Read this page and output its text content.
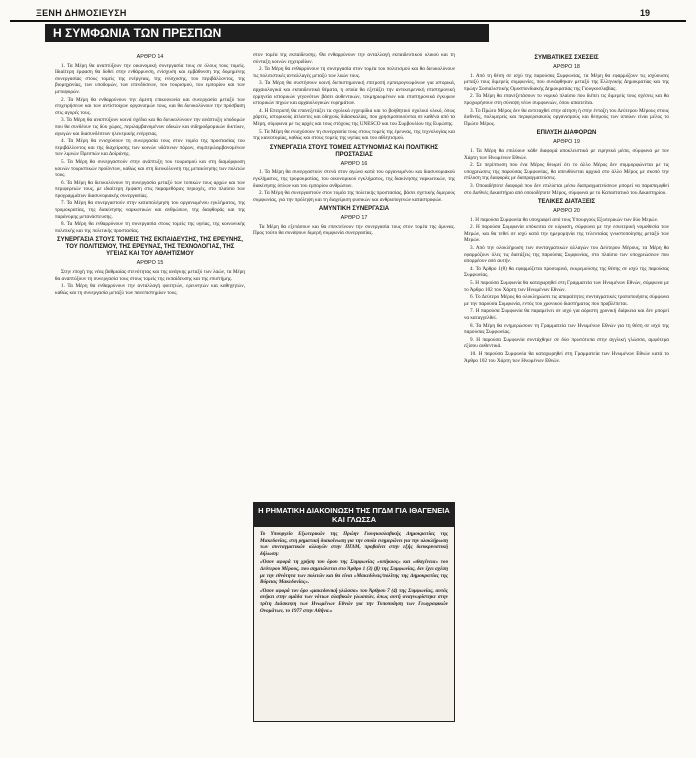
ΞΕΝΗ ΔΗΜΟΣΙΕΥΣΗ	19
Η ΣΥΜΦΩΝΙΑ ΤΩΝ ΠΡΕΣΠΩΝ
ΑΡΘΡΟ 14

1. Τα Μέρη θα αναπτύξουν την οικονομική συνεργασία τους σε όλους τους τομείς. Ιδιαίτερη έμφαση θα δοθεί στην ενθάρρυνση, ενίσχυση και εμβάθυνση της δομημένης συνεργασίας στους τομείς της ενέργειας, της ενίσχυσης, του περιβάλλοντος, της βιομηχανίας, των υποδομών, των επενδύσεων, του τουρισμού, του εμπορίου και των μεταφορών.

2. Τα Μέρη θα ενθαρρύνουν την άμεση επικοινωνία και συνεργασία μεταξύ των επιχειρήσεων και των αντίστοιχων οργανισμών τους, και θα διευκολύνουν την πρόσβαση στις αγορές τους.

3. Τα Μέρη θα αναπτύξουν κοινά σχέδια και θα διευκολύνουν την ανάπτυξη υποδομών που θα συνδέουν τις δύο χώρες, περιλαμβανομένων οδικών και σιδηροδρομικών δικτύων, αγωγών και διασυνδέσεων ηλεκτρικής ενέργειας.

4. Τα Μέρη θα ενισχύσουν τη συνεργασία τους στον τομέα της προστασίας του περιβάλλοντος και της διαχείρισης των κοινών υδάτινων πόρων, συμπεριλαμβανομένων των λιμνών Πρεσπών και Δοϊράνης.

5. Τα Μέρη θα συνεργαστούν στην ανάπτυξη του τουρισμού και στη διαμόρφωση κοινών τουριστικών προϊόντων, καθώς και στη διευκόλυνση της μετακίνησης των πολιτών τους.

6. Τα Μέρη θα διευκολύνουν τη συνεργασία μεταξύ των τοπικών τους αρχών και των περιφερειών τους, με ιδιαίτερη έμφαση στις παραμεθόριες περιοχές, στο πλαίσιο των προγραμμάτων διασυνοριακής συνεργασίας.

7. Τα Μέρη θα συνεργαστούν στην καταπολέμηση του οργανωμένου εγκλήματος, της τρομοκρατίας, της διακίνησης ναρκωτικών και ανθρώπων, της διαφθοράς και της παράνομης μετανάστευσης.

8. Τα Μέρη θα ενθαρρύνουν τη συνεργασία στους τομείς της υγείας, της κοινωνικής πολιτικής και της πολιτικής προστασίας.

ΣΥΝΕΡΓΑΣΙΑ ΣΤΟΥΣ ΤΟΜΕΙΣ ΤΗΣ ΕΚΠΑΙΔΕΥΣΗΣ, ΤΗΣ ΕΡΕΥΝΗΣ, ΤΟΥ ΠΟΛΙΤΙΣΜΟΥ, ΤΗΣ ΕΡΕΥΝΑΣ, ΤΗΣ ΤΕΧΝΟΛΟΓΙΑΣ, ΤΗΣ ΥΓΕΙΑΣ ΚΑΙ ΤΟΥ ΑΘΛΗΤΙΣΜΟΥ
ΑΡΘΡΟ 15

Στην εποχή της νέας βαθμιαίας στενότητας και της ανάγκης μεταξύ των λαών, τα Μέρη θα αναπτύξουν τη συνεργασία τους στους τομείς της εκπαίδευσης και της επιστήμης.

1. Τα Μέρη θα ενθαρρύνουν την ανταλλαγή φοιτητών, ερευνητών και καθηγητών, καθώς και τη συνεργασία μεταξύ των πανεπιστημίων τους.

στον τομέα της εκπαίδευσης. Θα ενθαρρύνουν την ανταλλαγή εκπαιδευτικού υλικού και τη σύνταξη κοινών εγχειριδίων.

2. Τα Μέρη θα ενθαρρύνουν τη συνεργασία στον τομέα του πολιτισμού και θα διευκολύνουν τις πολιτιστικές ανταλλαγές μεταξύ των λαών τους.

3. Τα Μέρη θα συστήσουν κοινή διεπιστημονική επιτροπή εμπειρογνωμόνων για ιστορικά, αρχαιολογικά και εκπαιδευτικά θέματα, η οποία θα εξετάζει την αντικειμενική επιστημονική ερμηνεία ιστορικών γεγονότων βάσει αυθεντικών, τεκμηριωμένων και επιστημονικά έγκυρων ιστορικών πηγών και αρχαιολογικών ευρημάτων.

4. Η Επιτροπή θα επανεξετάζει τα σχολικά εγχειρίδια και το βοηθητικό σχολικό υλικό, όπως χάρτες, ιστορικούς άτλαντες και οδηγούς διδασκαλίας, που χρησιμοποιούνται σε καθένα από τα Μέρη, σύμφωνα με τις αρχές και τους στόχους της UNESCO και του Συμβουλίου της Ευρώπης.

5. Τα Μέρη θα ενισχύσουν τη συνεργασία τους στους τομείς της έρευνας, της τεχνολογίας και της καινοτομίας, καθώς και στους τομείς της υγείας και του αθλητισμού.

ΣΥΝΕΡΓΑΣΙΑ ΣΤΟΥΣ ΤΟΜΕΙΣ ΑΣΤΥΝΟΜΙΑΣ ΚΑΙ ΠΟΛΙΤΙΚΗΣ ΠΡΟΣΤΑΣΙΑΣ
ΑΡΘΡΟ 16

1. Τα Μέρη θα συνεργαστούν στενά στον αγώνα κατά του οργανωμένου και διασυνοριακού εγκλήματος, της τρομοκρατίας, του οικονομικού εγκλήματος, της διακίνησης ναρκωτικών, της διακίνησης όπλων και του εμπορίου ανθρώπων.

2. Τα Μέρη θα συνεργαστούν στον τομέα της πολιτικής προστασίας, βάσει σχετικής διμερούς συμφωνίας, για την πρόληψη και τη διαχείριση φυσικών και ανθρωπογενών καταστροφών.

ΑΜΥΝΤΙΚΗ ΣΥΝΕΡΓΑΣΙΑ
ΑΡΘΡΟ 17

Τα Μέρη θα εξετάσουν και θα επεκτείνουν την συνεργασία τους στον τομέα της άμυνας. Προς τούτο θα συνάψουν διμερή συμφωνία συνεργασίας.

Η ΡΗΜΑΤΙΚΗ ΔΙΑΚΟΙΝΩΣΗ ΤΗΣ ΠΓΔΜ ΓΙΑ ΙΘΑΓΕΝΕΙΑ ΚΑΙ ΓΛΩΣΣΑ

Το Υπουργείο Εξωτερικών της Πρώην Γιουγκοσλαβικής Δημοκρατίας της Μακεδονίας, στη ρηματική διακοίνωση για την οποία ενημερώνει για την ολοκλήρωση των συνταγματικών αλλαγών στην ΠΓΔΜ, προβαίνει στην εξής διευκρινιστική δήλωση:

«Όσον αφορά τη χρήση του όρου της Συμφωνίας «υπήκοος» και «ιθαγένεια» του Δεύτερου Μέρους, που σημειώνεται στο Άρθρο 1 (3) (β) της Συμφωνίας, δεν έχει σχέση με την εθνότητα των πολιτών και θα είναι «Μακεδόνας/πολίτης της Δημοκρατίας της Βόρειας Μακεδονίας».

«Όσον αφορά τον όρο «μακεδονική γλώσσα» του Άρθρου 7 (4) της Συμφωνίας, αυτός ανήκει στην ομάδα των νότιων σλαβικών γλωσσών, όπως αυτή αναγνωρίστηκε στην τρίτη Διάσκεψη των Ηνωμένων Εθνών για την Τυποποίηση των Γεωγραφικών Ονομάτων, το 1977 στην Αθήνα.»

ΣΥΜΒΑΤΙΚΕΣ ΣΧΕΣΕΙΣ
ΑΡΘΡΟ 18

1. Από τη θέση σε ισχύ της παρούσας Συμφωνίας, τα Μέρη θα εφαρμόζουν τις ισχύουσες μεταξύ τους διμερείς συμφωνίες, που συνάφθηκαν μεταξύ της Ελληνικής Δημοκρατίας και της πρώην Σοσιαλιστικής Ομοσπονδιακής Δημοκρατίας της Γιουγκοσλαβίας.

2. Τα Μέρη θα επανεξετάσουν το νομικό πλαίσιο που διέπει τις διμερείς τους σχέσεις και θα προχωρήσουν στη σύναψη νέων συμφωνιών, όπου απαιτείται.

3. Το Πρώτο Μέρος δεν θα αντιταχθεί στην αίτηση ή στην ένταξη του Δεύτερου Μέρους στους διεθνείς, πολυμερείς και περιφερειακούς οργανισμούς και θεσμούς των οποίων είναι μέλος το Πρώτο Μέρος.

ΕΠΙΛΥΣΗ ΔΙΑΦΟΡΩΝ
ΑΡΘΡΟ 19

1. Τα Μέρη θα επιλύουν κάθε διαφορά αποκλειστικά με ειρηνικά μέσα, σύμφωνα με τον Χάρτη των Ηνωμένων Εθνών.

2. Σε περίπτωση που ένα Μέρος θεωρεί ότι το άλλο Μέρος δεν συμμορφώνεται με τις υποχρεώσεις της παρούσας Συμφωνίας, θα απευθύνεται αρχικά στο άλλο Μέρος με σκοπό την επίλυση της διαφοράς με διαπραγματεύσεις.

3. Οποιαδήποτε διαφορά που δεν επιλύεται μέσω διαπραγματεύσεων μπορεί να παραπεμφθεί στο Διεθνές Δικαστήριο από οποιοδήποτε Μέρος, σύμφωνα με το Καταστατικό του Δικαστηρίου.

ΤΕΛΙΚΕΣ ΔΙΑΤΑΞΕΙΣ
ΑΡΘΡΟ 20

1. Η παρούσα Συμφωνία θα υπογραφεί από τους Υπουργούς Εξωτερικών των δύο Μερών.

2. Η παρούσα Συμφωνία υπόκειται σε κύρωση, σύμφωνα με την εσωτερική νομοθεσία των Μερών, και θα τεθεί σε ισχύ κατά την ημερομηνία της τελευταίας γνωστοποίησης μεταξύ των Μερών.

3. Από την ολοκλήρωση των συνταγματικών αλλαγών του Δεύτερου Μέρους, τα Μέρη θα εφαρμόζουν όλες τις διατάξεις της παρούσας Συμφωνίας, στο πλαίσιο των υποχρεώσεων που απορρέουν από αυτήν.

4. Το Άρθρο 1(8) θα εφαρμόζεται προσωρινά, εκκρεμούσης της θέσης σε ισχύ της παρούσας Συμφωνίας.

5. Η παρούσα Συμφωνία θα καταχωρηθεί στη Γραμματεία των Ηνωμένων Εθνών, σύμφωνα με το Άρθρο 102 του Χάρτη των Ηνωμένων Εθνών.

6. Το Δεύτερο Μέρος θα ολοκληρώσει τις απαραίτητες συνταγματικές τροποποιήσεις σύμφωνα με την παρούσα Συμφωνία, εντός του χρονικού διαστήματος που προβλέπεται.

7. Η παρούσα Συμφωνία θα παραμείνει σε ισχύ για αόριστη χρονική διάρκεια και δεν μπορεί να καταγγελθεί.

8. Τα Μέρη θα ενημερώσουν τη Γραμματεία των Ηνωμένων Εθνών για τη θέση σε ισχύ της παρούσας Συμφωνίας.

9. Η παρούσα Συμφωνία συντάχθηκε σε δύο πρωτότυπα στην αγγλική γλώσσα, αμφότερα εξίσου αυθεντικά.

10. Η παρούσα Συμφωνία θα καταχωρηθεί στη Γραμματεία των Ηνωμένων Εθνών κατά το Άρθρο 102 του Χάρτη των Ηνωμένων Εθνών.
